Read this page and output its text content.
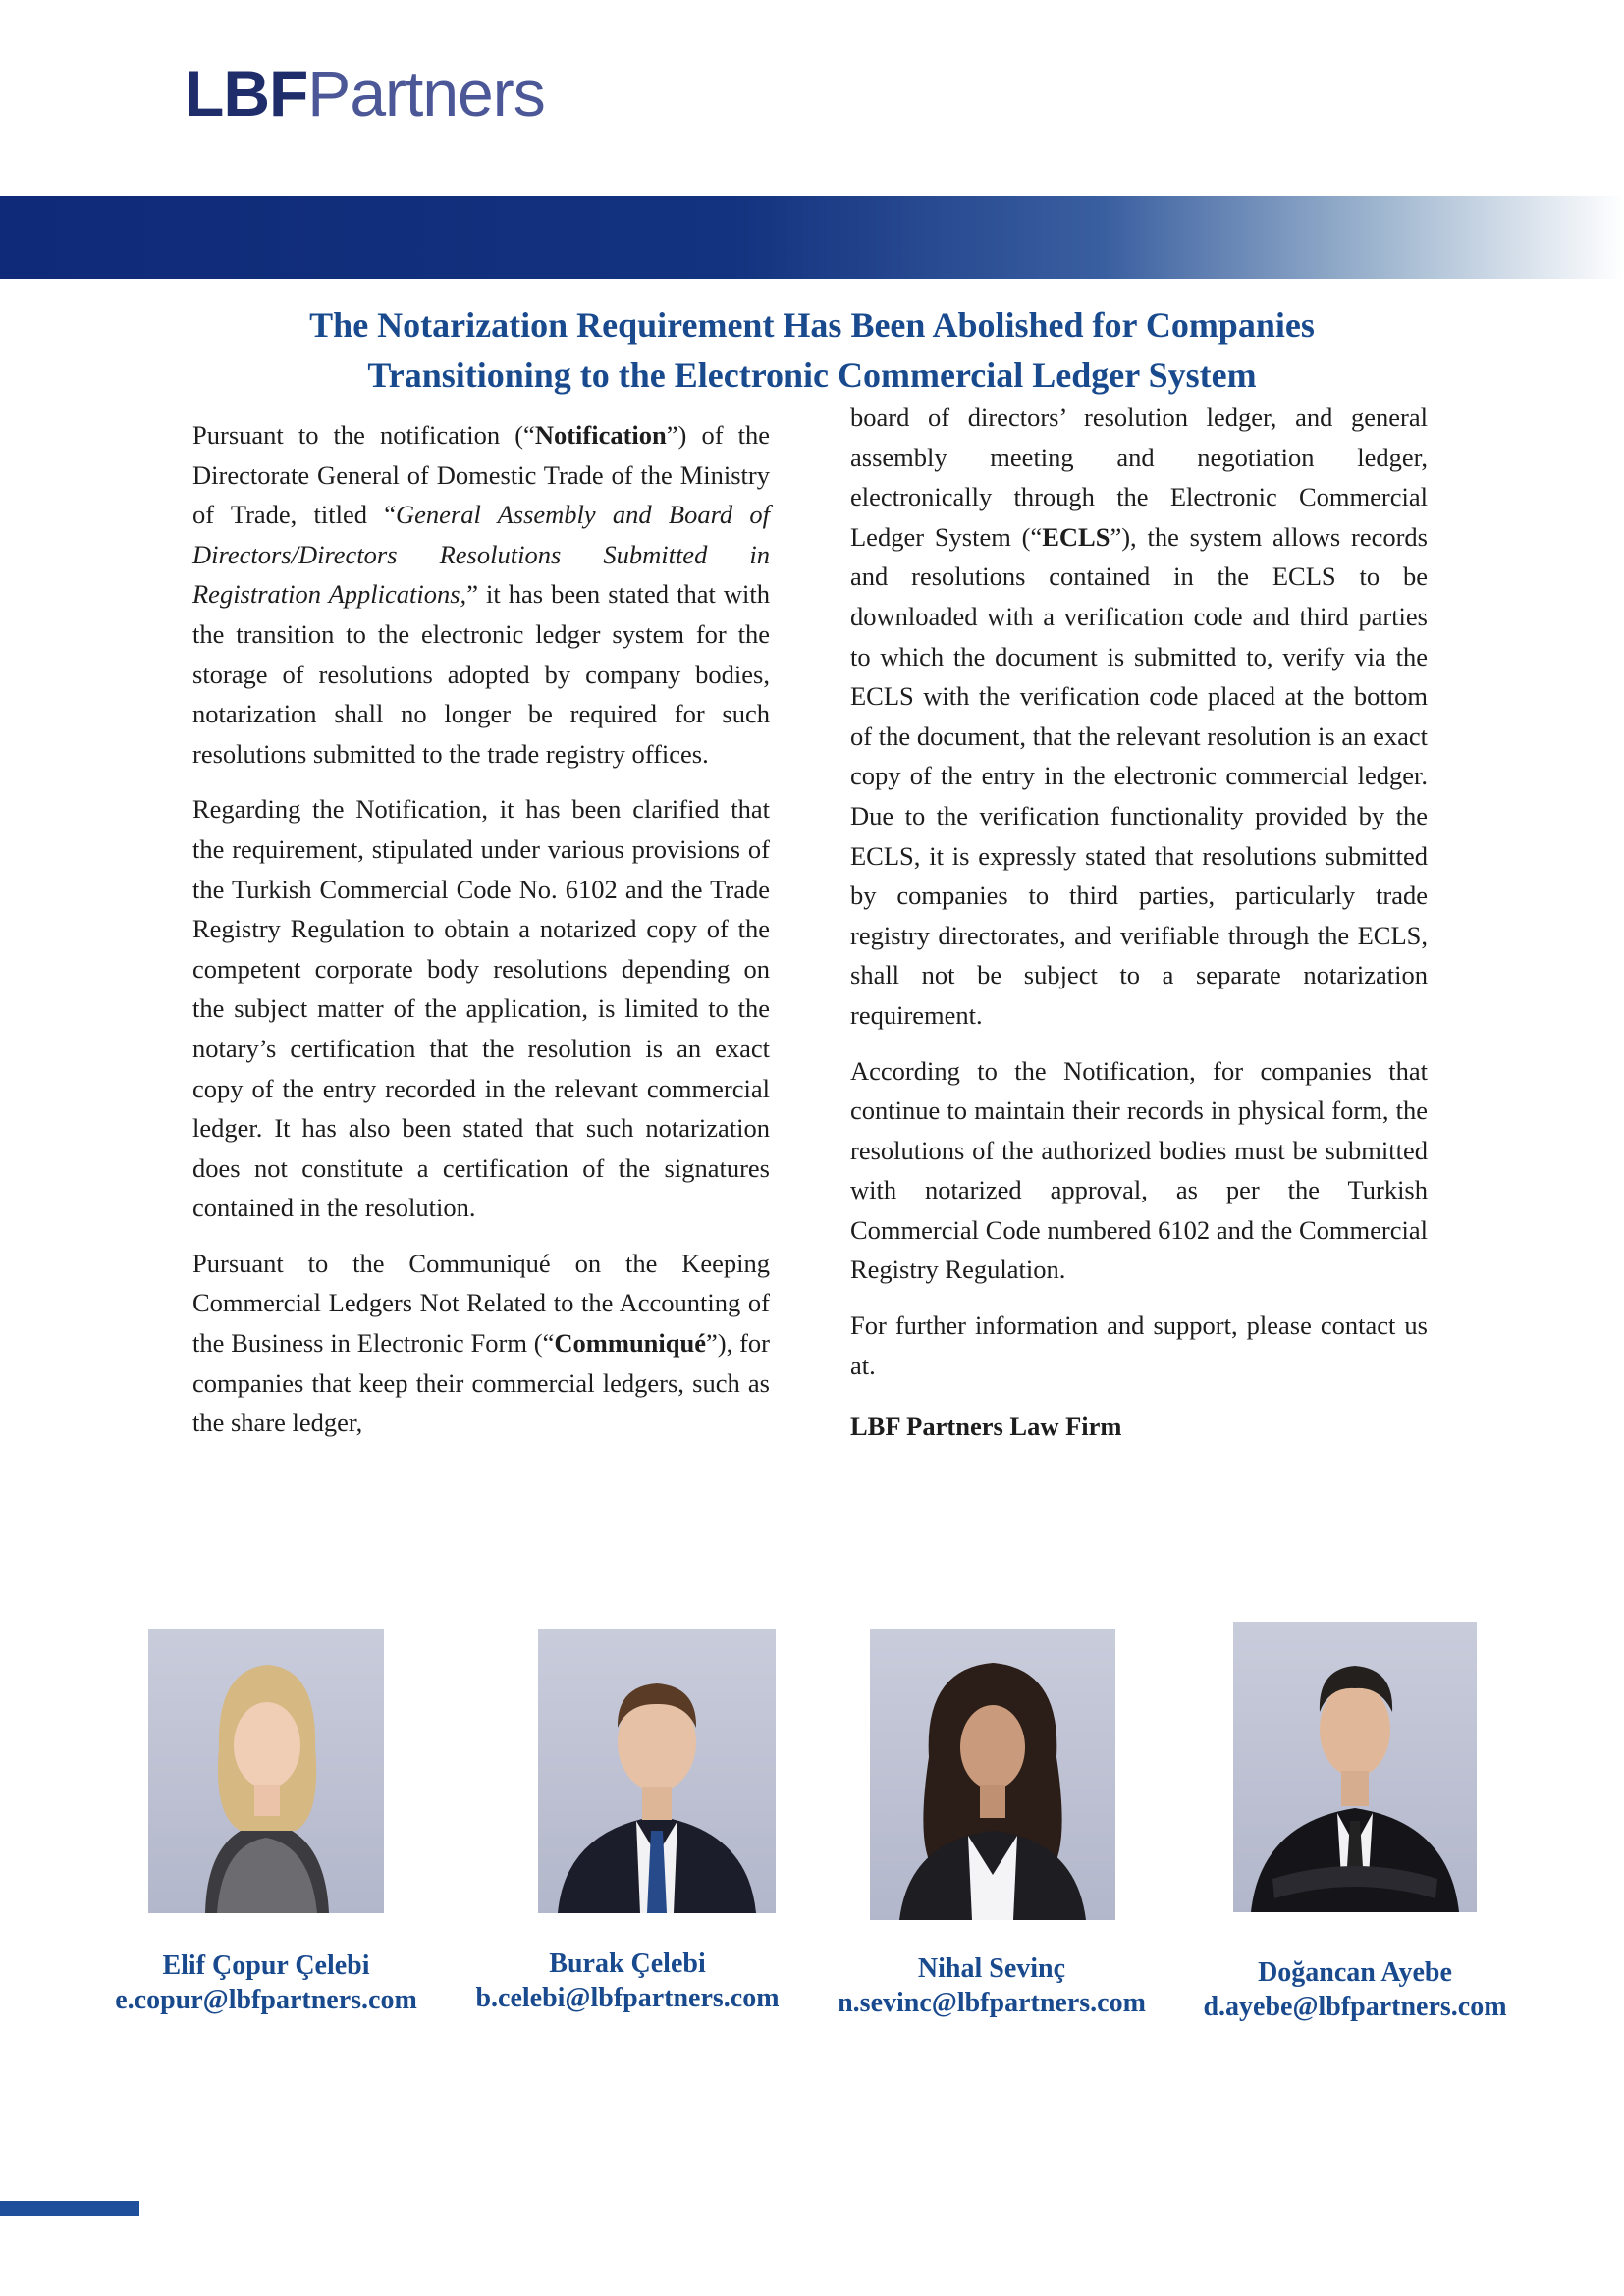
LBFPartners
The Notarization Requirement Has Been Abolished for Companies
Transitioning to the Electronic Commercial Ledger System

Pursuant to the notification (“Notification”) of the Directorate General of Domestic Trade of the Ministry of Trade, titled “General Assembly and Board of Directors/Directors Resolutions Submitted in Registration Applications,” it has been stated that with the transition to the electronic ledger system for the storage of resolutions adopted by company bodies, notarization shall no longer be required for such resolutions submitted to the trade registry offices.

Regarding the Notification, it has been clarified that the requirement, stipulated under various provisions of the Turkish Commercial Code No. 6102 and the Trade Registry Regulation to obtain a notarized copy of the competent corporate body resolutions depending on the subject matter of the application, is limited to the notary’s certification that the resolution is an exact copy of the entry recorded in the relevant commercial ledger. It has also been stated that such notarization does not constitute a certification of the signatures contained in the resolution.

Pursuant to the Communiqué on the Keeping Commercial Ledgers Not Related to the Accounting of the Business in Electronic Form (“Communiqué”), for companies that keep their commercial ledgers, such as the share ledger,

board of directors’ resolution ledger, and general assembly meeting and negotiation ledger, electronically through the Electronic Commercial Ledger System (“ECLS”), the system allows records and resolutions contained in the ECLS to be downloaded with a verification code and third parties to which the document is submitted to, verify via the ECLS with the verification code placed at the bottom of the document, that the relevant resolution is an exact copy of the entry in the electronic commercial ledger. Due to the verification functionality provided by the ECLS, it is expressly stated that resolutions submitted by companies to third parties, particularly trade registry directorates, and verifiable through the ECLS, shall not be subject to a separate notarization requirement.

According to the Notification, for companies that continue to maintain their records in physical form, the resolutions of the authorized bodies must be submitted with notarized approval, as per the Turkish Commercial Code numbered 6102 and the Commercial Registry Regulation.

For further information and support, please contact us at.

LBF Partners Law Firm

Elif Çopur Çelebi
e.copur@lbfpartners.com
Burak Çelebi
b.celebi@lbfpartners.com
Nihal Sevinç
n.sevinc@lbfpartners.com
Doğancan Ayebe
d.ayebe@lbfpartners.com
